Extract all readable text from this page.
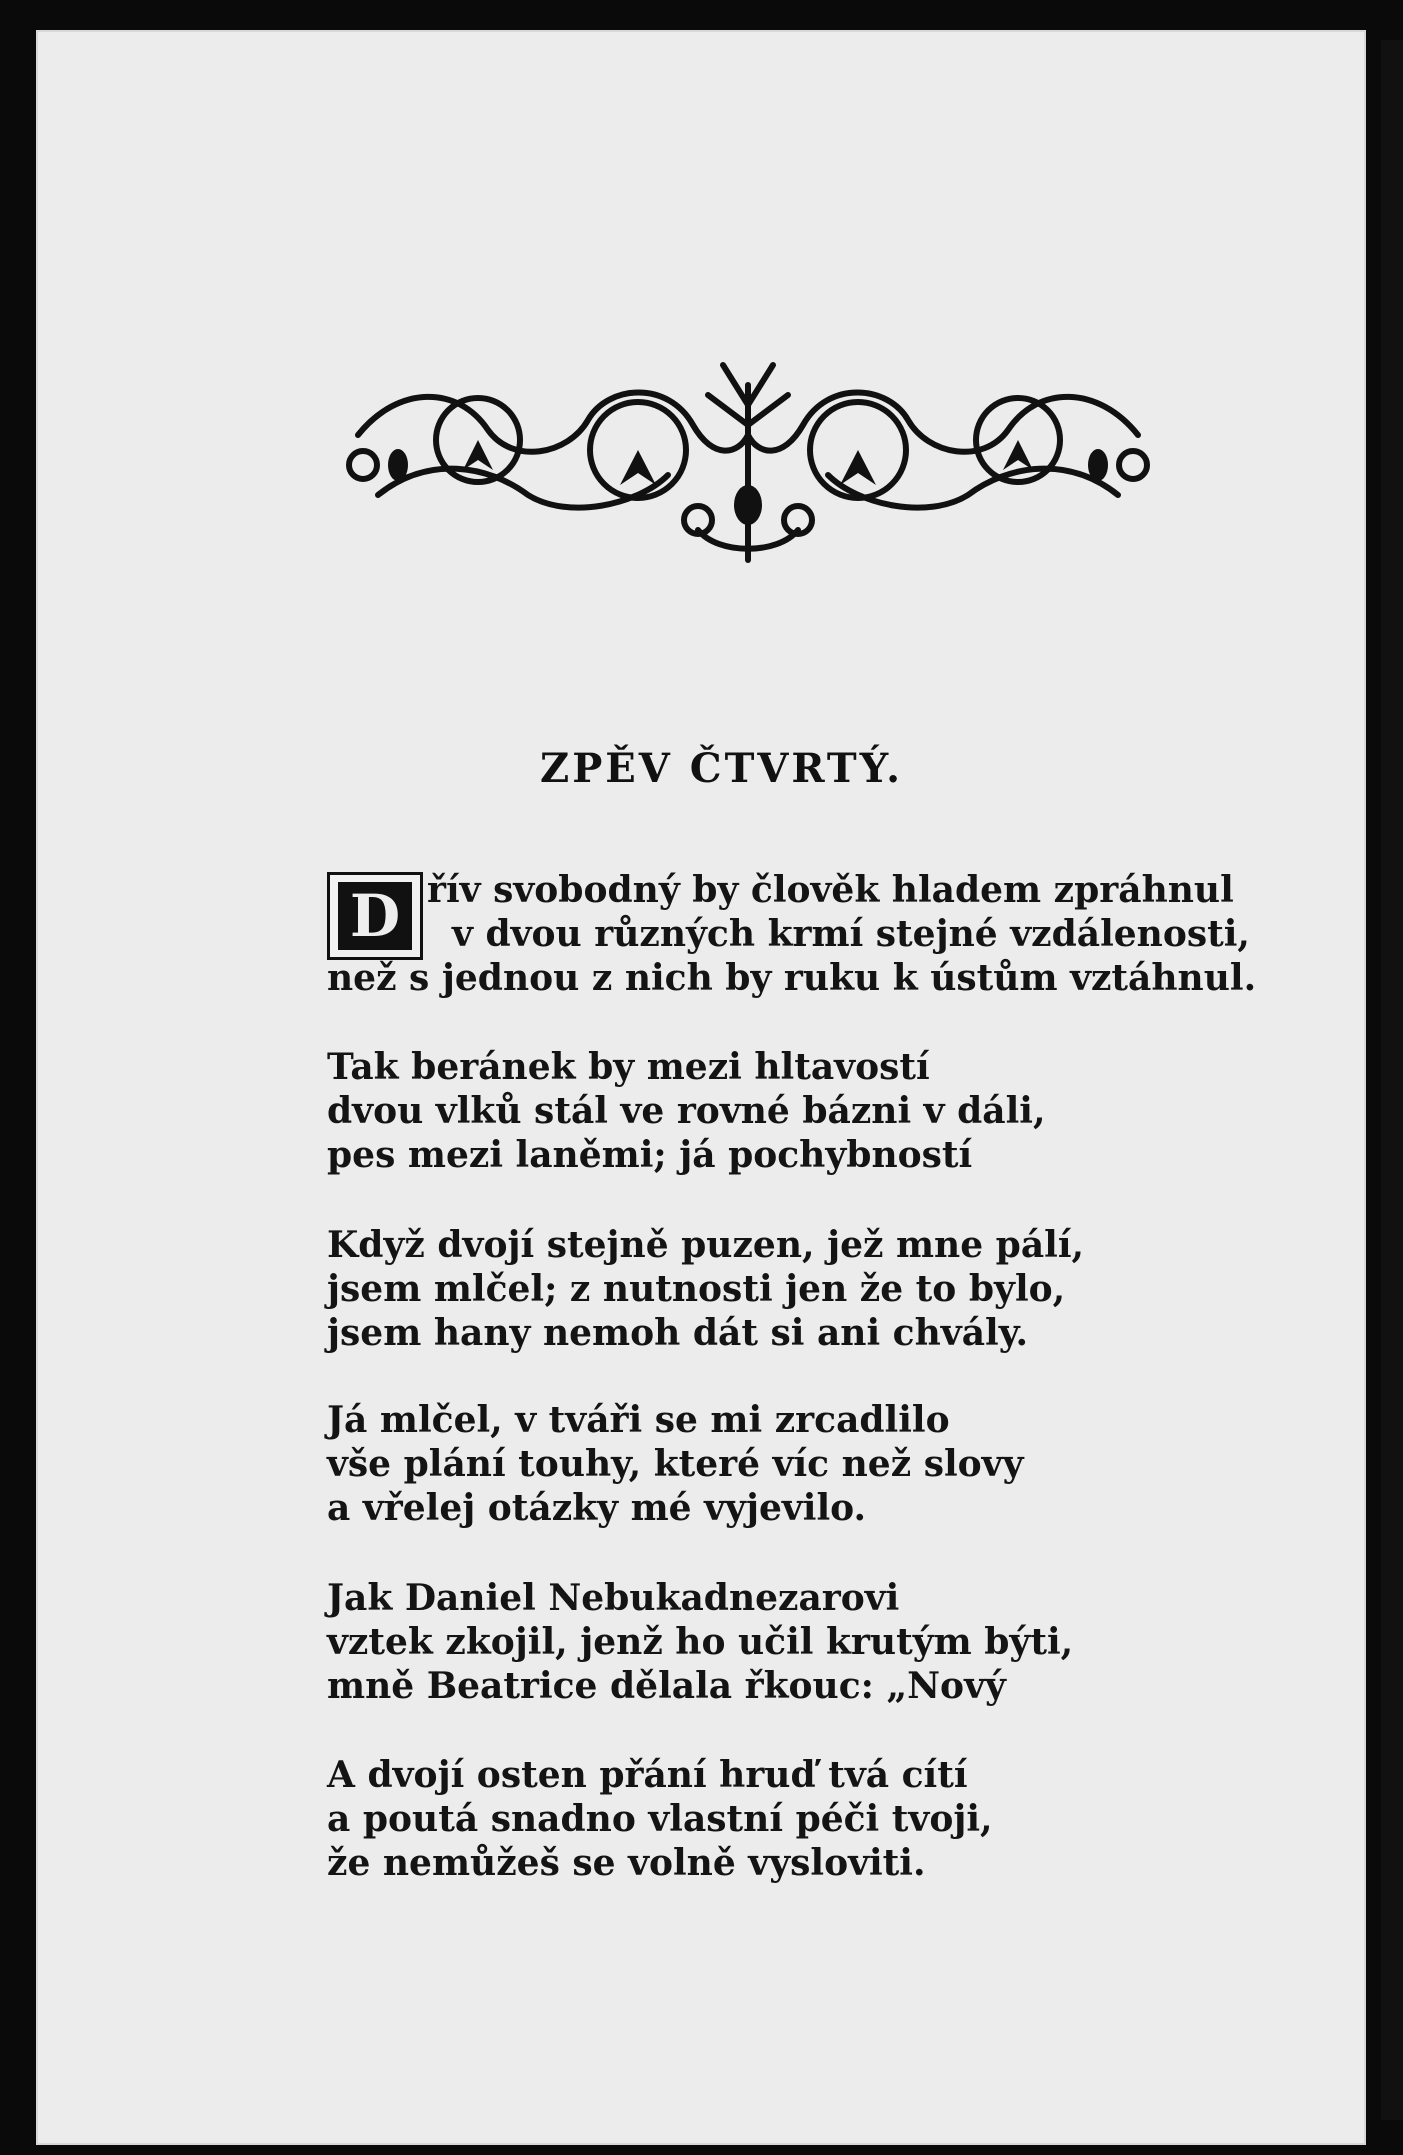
ZPĚV ČTVRTÝ.
D řív svobodný by člověk hladem zpráhnul
v dvou různých krmí stejné vzdálenosti,
než s jednou z nich by ruku k ústům vztáhnul.
Tak beránek by mezi hltavostí
dvou vlků stál ve rovné bázni v dáli,
pes mezi laněmi; já pochybností
Když dvojí stejně puzen, jež mne pálí,
jsem mlčel; z nutnosti jen že to bylo,
jsem hany nemoh dát si ani chvály.
Já mlčel, v tváři se mi zrcadlilo
vše plání touhy, které víc než slovy
a vřelej otázky mé vyjevilo.
Jak Daniel Nebukadnezarovi
vztek zkojil, jenž ho učil krutým býti,
mně Beatrice dělala řkouc: „Nový
A dvojí osten přání hruď tvá cítí
a poutá snadno vlastní péči tvoji,
že nemůžeš se volně vysloviti.
